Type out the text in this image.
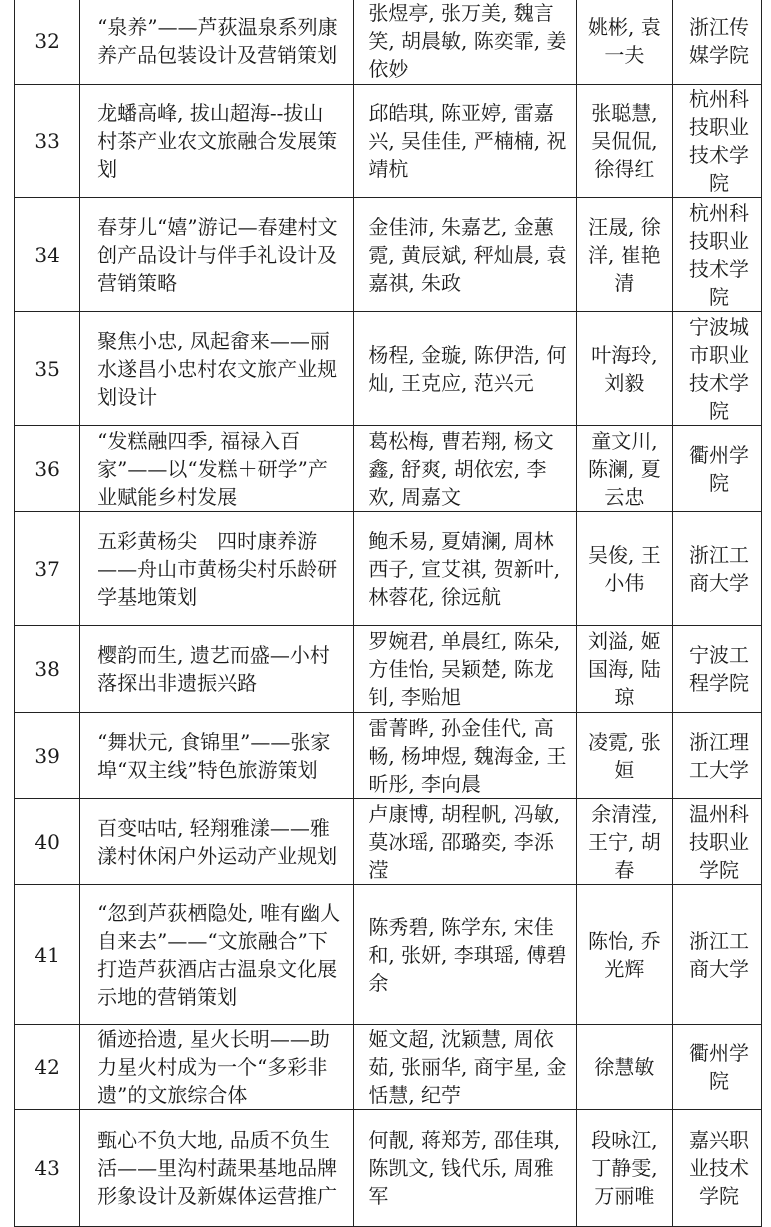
32	“泉养”——芦荻温泉系列康养产品包装设计及营销策划	张煜亭, 张万美, 魏言笑, 胡晨敏, 陈奕霏, 姜依妙	姚彬, 袁一夫	浙江传媒学院

33	龙蟠高峰, 拔山超海--拔山村茶产业农文旅融合发展策划	邱皓琪, 陈亚婷, 雷嘉兴, 吴佳佳, 严楠楠, 祝靖杭	张聪慧, 吴侃侃, 徐得红	杭州科技职业技术学院

34	春芽儿“嬉”游记—春建村文创产品设计与伴手礼设计及营销策略	金佳沛, 朱嘉艺, 金蕙霓, 黄辰斌, 秤灿晨, 袁嘉祺, 朱政	汪晟, 徐洋, 崔艳清	杭州科技职业技术学院

35	聚焦小忠, 凤起畲来——丽水遂昌小忠村农文旅产业规划设计	杨程, 金璇, 陈伊浩, 何灿, 王克应, 范兴元	叶海玲, 刘毅	宁波城市职业技术学院

36	“发糕融四季, 福禄入百家”——以“发糕＋研学”产业赋能乡村发展	葛松梅, 曹若翔, 杨文鑫, 舒爽, 胡依宏, 李欢, 周嘉文	童文川, 陈澜, 夏云忠	衢州学院

37	五彩黄杨尖　四时康养游——舟山市黄杨尖村乐龄研学基地策划	鲍禾易, 夏婧澜, 周林西子, 宣艾祺, 贺新叶, 林蓉花, 徐远航	吴俊, 王小伟	浙江工商大学

38	樱韵而生, 遗艺而盛—小村落探出非遗振兴路	罗婉君, 单晨红, 陈朵, 方佳怡, 吴颖楚, 陈龙钊, 李贻旭	刘溢, 姬国海, 陆琼	宁波工程学院

39	“舞状元, 食锦里”——张家埠“双主线”特色旅游策划	雷菁晔, 孙金佳代, 高畅, 杨坤煜, 魏海金, 王昕彤, 李向晨	凌霓, 张姮	浙江理工大学

40	百变咕咕, 轻翔雅漾——雅漾村休闲户外运动产业规划	卢康博, 胡程帆, 冯敏, 莫冰瑶, 邵璐奕, 李泺滢	余清滢, 王宁, 胡春	温州科技职业学院

41	“忽到芦荻栖隐处, 唯有幽人自来去”——“文旅融合”下打造芦荻酒店古温泉文化展示地的营销策划	陈秀碧, 陈学东, 宋佳和, 张妍, 李琪瑶, 傅碧余	陈怡, 乔光辉	浙江工商大学

42	循迹拾遗, 星火长明——助力星火村成为一个“多彩非遗”的文旅综合体	姬文超, 沈颖慧, 周依茹, 张丽华, 商宇星, 金恬慧, 纪苧	徐慧敏	衢州学院

43	甄心不负大地, 品质不负生活——里沟村蔬果基地品牌形象设计及新媒体运营推广	何靓, 蒋郑芳, 邵佳琪, 陈凯文, 钱代乐, 周雅军	段咏江, 丁静雯, 万丽唯	嘉兴职业技术学院
